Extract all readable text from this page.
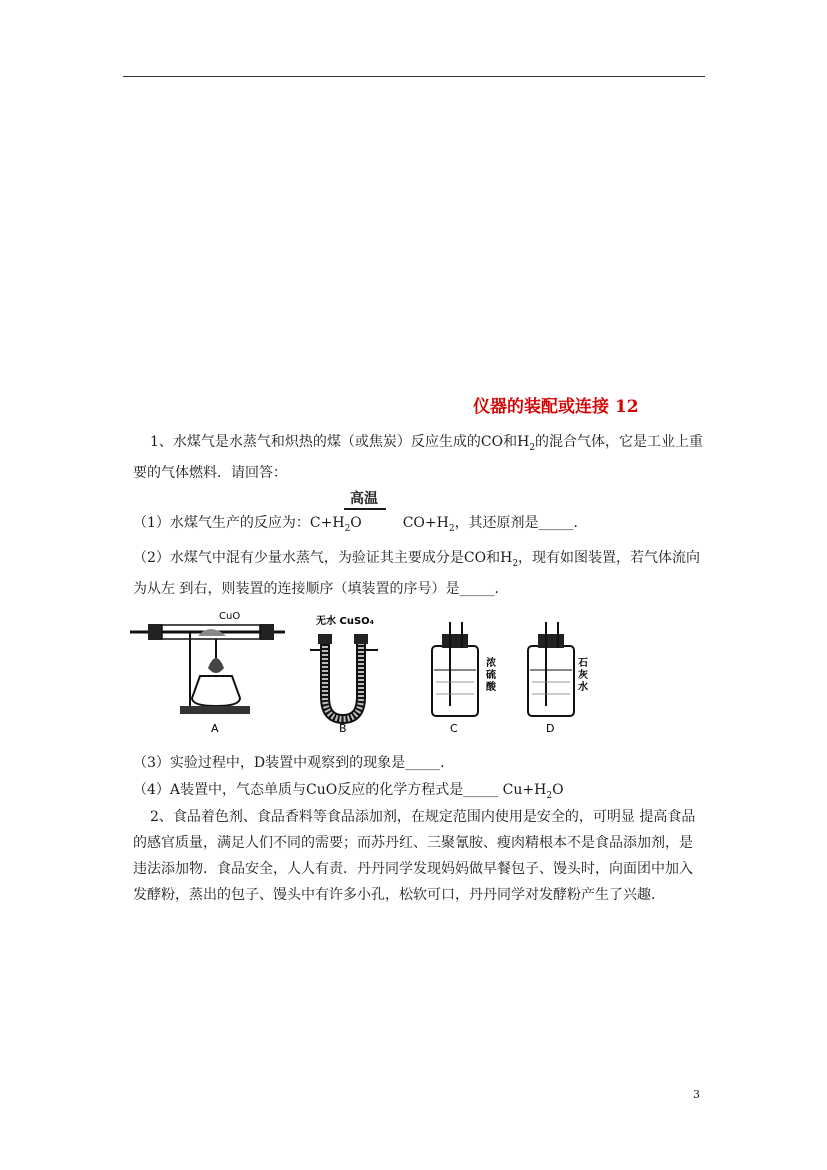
仪器的装配或连接 12
1、水煤气是水蒸气和炽热的煤（或焦炭）反应生成的CO和$H_2$的混合气体，它是工业上重要的气体燃料．请回答：
高温
（1）水煤气生产的反应为：$C+H_2O$	$CO+H_2$，其还原剂是_____．
（2）水煤气中混有少量水蒸气，为验证其主要成分是CO和$H_2$，现有如图装置，若气体流向为从左 到右，则装置的连接顺序（填装置的序号）是_____．
CuO
A
无水 CuSO₄
B
浓
硫
酸
C
石
灰
水
D
（3）实验过程中，D装置中观察到的现象是_____．
（4）A装置中，气态单质与CuO反应的化学方程式是_____ $Cu+H_2O$
2、食品着色剂、食品香料等食品添加剂，在规定范围内使用是安全的，可明显 提高食品的感官质量，满足人们不同的需要；而苏丹红、三聚氰胺、瘦肉精根本不是食品添加剂，是违法添加物．食品安全，人人有责．丹丹同学发现妈妈做早餐包子、馒头时，向面团中加入发酵粉，蒸出的包子、馒头中有许多小孔，松软可口，丹丹同学对发酵粉产生了兴趣．
3
